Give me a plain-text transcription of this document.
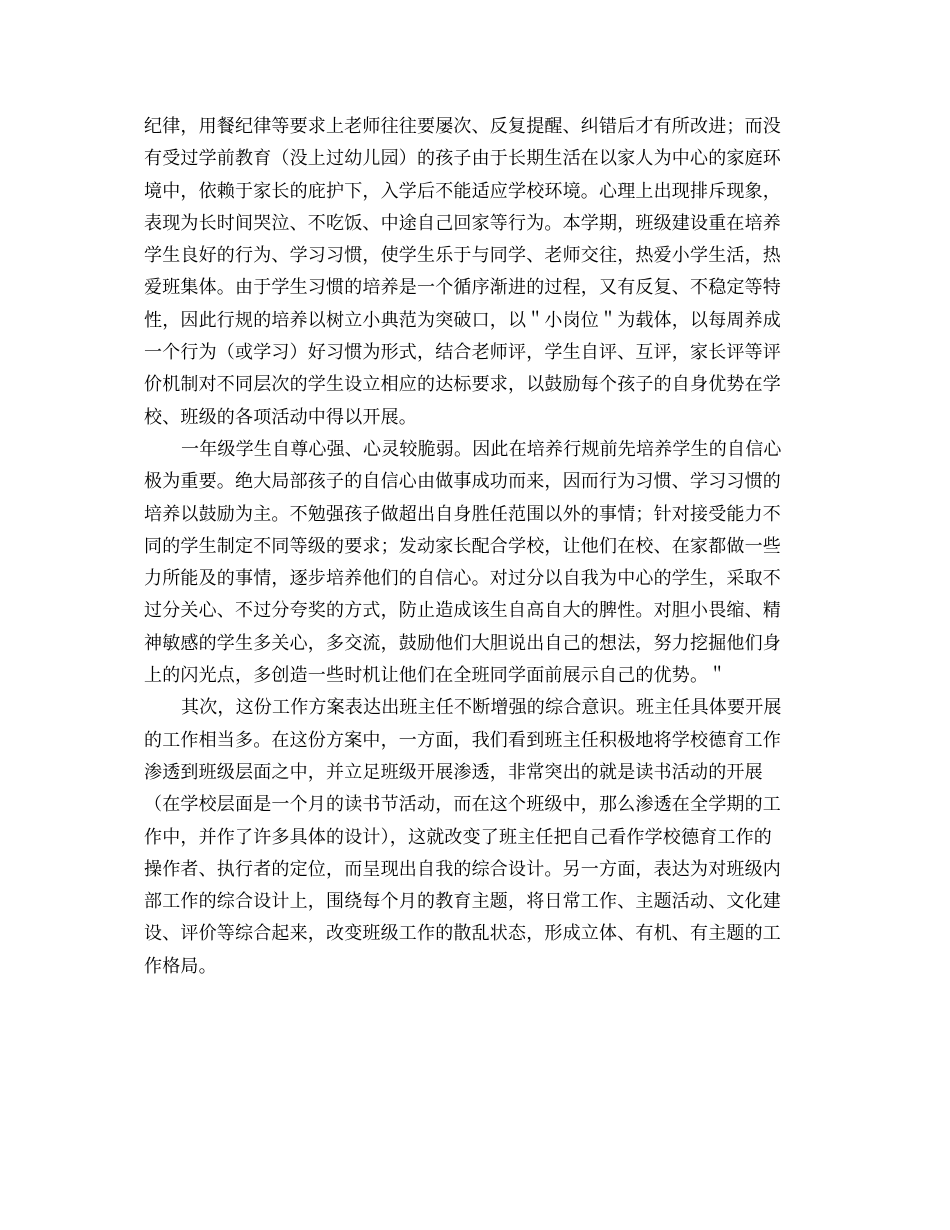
纪律，用餐纪律等要求上老师往往要屡次、反复提醒、纠错后才有所改进；而没
有受过学前教育（没上过幼儿园）的孩子由于长期生活在以家人为中心的家庭环
境中，依赖于家长的庇护下，入学后不能适应学校环境。心理上出现排斥现象，
表现为长时间哭泣、不吃饭、中途自己回家等行为。本学期，班级建设重在培养
学生良好的行为、学习习惯，使学生乐于与同学、老师交往，热爱小学生活，热
爱班集体。由于学生习惯的培养是一个循序渐进的过程，又有反复、不稳定等特
性，因此行规的培养以树立小典范为突破口，以＂小岗位＂为载体，以每周养成
一个行为（或学习）好习惯为形式，结合老师评，学生自评、互评，家长评等评
价机制对不同层次的学生设立相应的达标要求，以鼓励每个孩子的自身优势在学
校、班级的各项活动中得以开展。
一年级学生自尊心强、心灵较脆弱。因此在培养行规前先培养学生的自信心
极为重要。绝大局部孩子的自信心由做事成功而来，因而行为习惯、学习习惯的
培养以鼓励为主。不勉强孩子做超出自身胜任范围以外的事情；针对接受能力不
同的学生制定不同等级的要求；发动家长配合学校，让他们在校、在家都做一些
力所能及的事情，逐步培养他们的自信心。对过分以自我为中心的学生，采取不
过分关心、不过分夸奖的方式，防止造成该生自高自大的脾性。对胆小畏缩、精
神敏感的学生多关心，多交流，鼓励他们大胆说出自己的想法，努力挖掘他们身
上的闪光点，多创造一些时机让他们在全班同学面前展示自己的优势。＂
其次，这份工作方案表达出班主任不断增强的综合意识。班主任具体要开展
的工作相当多。在这份方案中，一方面，我们看到班主任积极地将学校德育工作
渗透到班级层面之中，并立足班级开展渗透，非常突出的就是读书活动的开展
（在学校层面是一个月的读书节活动，而在这个班级中，那么渗透在全学期的工
作中，并作了许多具体的设计），这就改变了班主任把自己看作学校德育工作的
操作者、执行者的定位，而呈现出自我的综合设计。另一方面，表达为对班级内
部工作的综合设计上，围绕每个月的教育主题，将日常工作、主题活动、文化建
设、评价等综合起来，改变班级工作的散乱状态，形成立体、有机、有主题的工
作格局。
